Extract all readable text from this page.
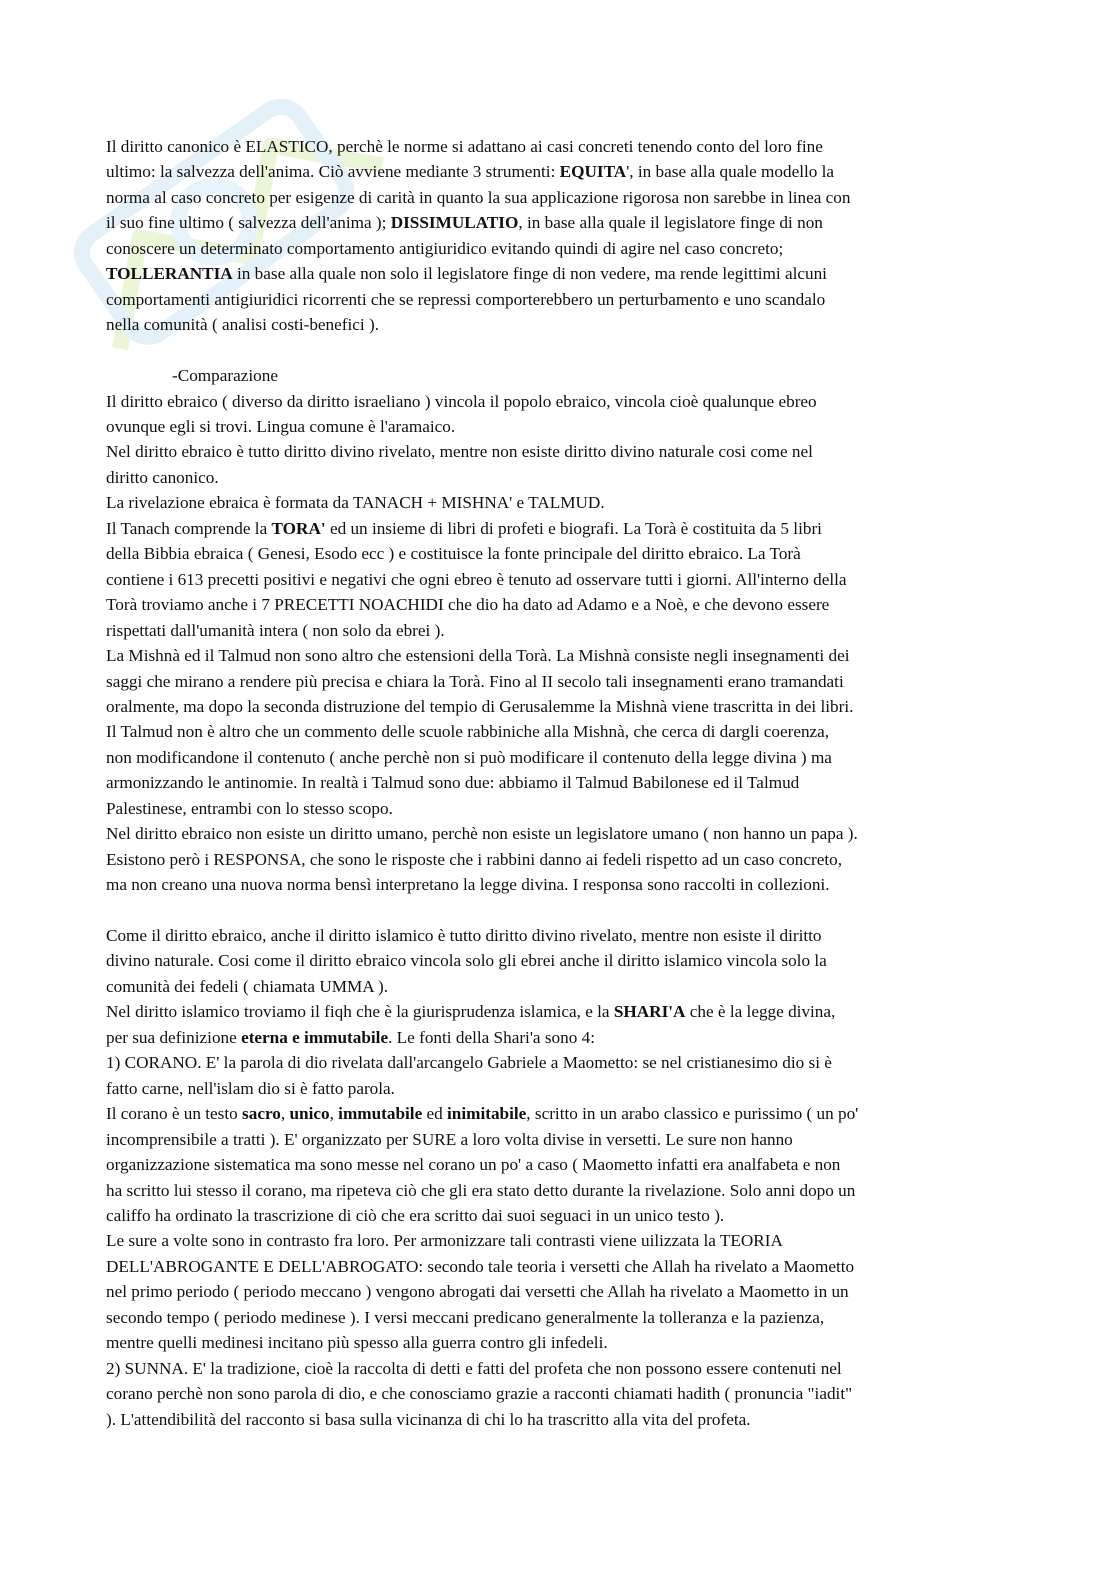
Il diritto canonico è ELASTICO, perchè le norme si adattano ai casi concreti tenendo conto del loro fine
ultimo: la salvezza dell'anima. Ciò avviene mediante 3 strumenti: EQUITA', in base alla quale modello la
norma al caso concreto per esigenze di carità in quanto la sua applicazione rigorosa non sarebbe in linea con
il suo fine ultimo ( salvezza dell'anima ); DISSIMULATIO, in base alla quale il legislatore finge di non
conoscere un determinato comportamento antigiuridico evitando quindi di agire nel caso concreto;
TOLLERANTIA in base alla quale non solo il legislatore finge di non vedere, ma rende legittimi alcuni
comportamenti antigiuridici ricorrenti che se repressi comporterebbero un perturbamento e uno scandalo
nella comunità ( analisi costi-benefici ).
-Comparazione
Il diritto ebraico ( diverso da diritto israeliano ) vincola il popolo ebraico, vincola cioè qualunque ebreo
ovunque egli si trovi. Lingua comune è l'aramaico.
Nel diritto ebraico è tutto diritto divino rivelato, mentre non esiste diritto divino naturale cosi come nel
diritto canonico.
La rivelazione ebraica è formata da TANACH + MISHNA' e TALMUD.
Il Tanach comprende la TORA' ed un insieme di libri di profeti e biografi. La Torà è costituita da 5 libri
della Bibbia ebraica ( Genesi, Esodo ecc ) e costituisce la fonte principale del diritto ebraico. La Torà
contiene i 613 precetti positivi e negativi che ogni ebreo è tenuto ad osservare tutti i giorni. All'interno della
Torà troviamo anche i 7 PRECETTI NOACHIDI che dio ha dato ad Adamo e a Noè, e che devono essere
rispettati dall'umanità intera ( non solo da ebrei ).
La Mishnà ed il Talmud non sono altro che estensioni della Torà. La Mishnà consiste negli insegnamenti dei
saggi che mirano a rendere più precisa e chiara la Torà. Fino al II secolo tali insegnamenti erano tramandati
oralmente, ma dopo la seconda distruzione del tempio di Gerusalemme la Mishnà viene trascritta in dei libri.
Il Talmud non è altro che un commento delle scuole rabbiniche alla Mishnà, che cerca di dargli coerenza,
non modificandone il contenuto ( anche perchè non si può modificare il contenuto della legge divina ) ma
armonizzando le antinomie. In realtà i Talmud sono due: abbiamo il Talmud Babilonese ed il Talmud
Palestinese, entrambi con lo stesso scopo.
Nel diritto ebraico non esiste un diritto umano, perchè non esiste un legislatore umano ( non hanno un papa ).
Esistono però i RESPONSA, che sono le risposte che i rabbini danno ai fedeli rispetto ad un caso concreto,
ma non creano una nuova norma bensì interpretano la legge divina. I responsa sono raccolti in collezioni.
Come il diritto ebraico, anche il diritto islamico è tutto diritto divino rivelato, mentre non esiste il diritto
divino naturale. Cosi come il diritto ebraico vincola solo gli ebrei anche il diritto islamico vincola solo la
comunità dei fedeli ( chiamata UMMA ).
Nel diritto islamico troviamo il fiqh che è la giurisprudenza islamica, e la SHARI'A che è la legge divina,
per sua definizione eterna e immutabile. Le fonti della Shari'a sono 4:
1) CORANO. E' la parola di dio rivelata dall'arcangelo Gabriele a Maometto: se nel cristianesimo dio si è
fatto carne, nell'islam dio si è fatto parola.
Il corano è un testo sacro, unico, immutabile ed inimitabile, scritto in un arabo classico e purissimo ( un po'
incomprensibile a tratti ). E' organizzato per SURE a loro volta divise in versetti. Le sure non hanno
organizzazione sistematica ma sono messe nel corano un po' a caso ( Maometto infatti era analfabeta e non
ha scritto lui stesso il corano, ma ripeteva ciò che gli era stato detto durante la rivelazione. Solo anni dopo un
califfo ha ordinato la trascrizione di ciò che era scritto dai suoi seguaci in un unico testo ).
Le sure a volte sono in contrasto fra loro. Per armonizzare tali contrasti viene uilizzata la TEORIA
DELL'ABROGANTE E DELL'ABROGATO: secondo tale teoria i versetti che Allah ha rivelato a Maometto
nel primo periodo ( periodo meccano ) vengono abrogati dai versetti che Allah ha rivelato a Maometto in un
secondo tempo ( periodo medinese ). I versi meccani predicano generalmente la tolleranza e la pazienza,
mentre quelli medinesi incitano più spesso alla guerra contro gli infedeli.
2) SUNNA. E' la tradizione, cioè la raccolta di detti e fatti del profeta che non possono essere contenuti nel
corano perchè non sono parola di dio, e che conosciamo grazie a racconti chiamati hadith ( pronuncia "iadit"
). L'attendibilità del racconto si basa sulla vicinanza di chi lo ha trascritto alla vita del profeta.
